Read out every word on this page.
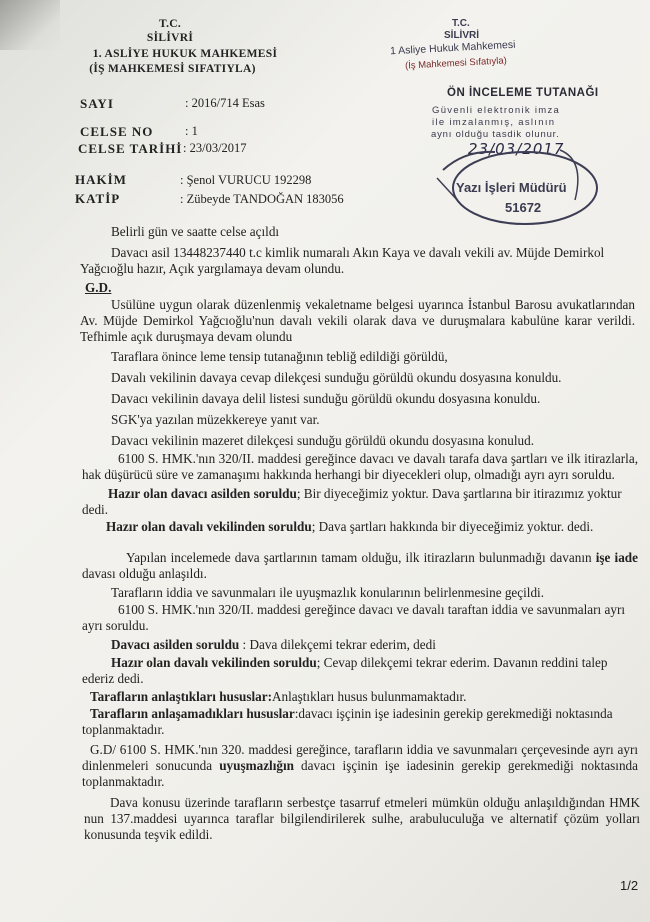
T.C.
SİLİVRİ
1. ASLİYE HUKUK MAHKEMESİ
(İŞ MAHKEMESİ SIFATIYLA)
SAYI	: 2016/714 Esas
CELSE NO	: 1
CELSE TARİHİ : 23/03/2017
HAKİM	: Şenol VURUCU 192298
KATİP	: Zübeyde TANDOĞAN 183056
T.C.
SİLİVRİ
1 Asliye Hukuk Mahkemesi
(İş Mahkemesi Sıfatıyla)
ÖN İNCELEME TUTANAĞI
Güvenli elektronik imza
ile imzalanmış, aslının
aynı olduğu tasdik olunur.
23/03/2017
Yazı İşleri Müdürü
51672
Belirli gün ve saatte celse açıldı
Davacı asil 13448237440 t.c kimlik numaralı Akın Kaya ve davalı vekili av. Müjde Demirkol Yağcıoğlu hazır, Açık yargılamaya devam olundu.
G.D.
Usülüne uygun olarak düzenlenmiş vekaletname belgesi uyarınca İstanbul Barosu avukatlarından Av. Müjde Demirkol Yağcıoğlu'nun davalı vekili olarak dava ve duruşmalara kabulüne karar verildi. Tefhimle açık duruşmaya devam olundu
Taraflara önince leme tensip tutanağının tebliğ edildiği görüldü,
Davalı vekilinin davaya cevap dilekçesi sunduğu görüldü okundu dosyasına konuldu.
Davacı vekilinin davaya delil listesi sunduğu görüldü okundu dosyasına konuldu.
SGK'ya yazılan müzekkereye yanıt var.
Davacı vekilinin mazeret dilekçesi sunduğu görüldü okundu dosyasına konulud.
6100 S. HMK.'nın 320/II. maddesi gereğince davacı ve davalı tarafa dava şartları ve ilk itirazlarla, hak düşürücü süre ve zamanaşımı hakkında herhangi bir diyecekleri olup, olmadığı ayrı ayrı soruldu.
Hazır olan davacı asilden soruldu; Bir diyeceğimiz yoktur. Dava şartlarına bir itirazımız yoktur dedi.
Hazır olan davalı vekilinden soruldu; Dava şartları hakkında bir diyeceğimiz yoktur. dedi.
Yapılan incelemede dava şartlarının tamam olduğu, ilk itirazların bulunmadığı davanın işe iade davası olduğu anlaşıldı.
Tarafların iddia ve savunmaları ile uyuşmazlık konularının belirlenmesine geçildi.
6100 S. HMK.'nın 320/II. maddesi gereğince davacı ve davalı taraftan iddia ve savunmaları ayrı ayrı soruldu.
Davacı asilden soruldu : Dava dilekçemi tekrar ederim, dedi
Hazır olan davalı vekilinden soruldu; Cevap dilekçemi tekrar ederim. Davanın reddini talep ederiz dedi.
Tarafların anlaştıkları hususlar:Anlaştıkları husus bulunmamaktadır.
Tarafların anlaşamadıkları hususlar:davacı işçinin işe iadesinin gerekip gerekmediği noktasında toplanmaktadır.
G.D/ 6100 S. HMK.'nın 320. maddesi gereğince, tarafların iddia ve savunmaları çerçevesinde ayrı ayrı dinlenmeleri sonucunda uyuşmazlığın davacı işçinin işe iadesinin gerekip gerekmediği noktasında toplanmaktadır.
Dava konusu üzerinde tarafların serbestçe tasarruf etmeleri mümkün olduğu anlaşıldığından HMK nun 137.maddesi uyarınca taraflar bilgilendirilerek sulhe, arabuluculuğa ve alternatif çözüm yolları konusunda teşvik edildi.
1/2
